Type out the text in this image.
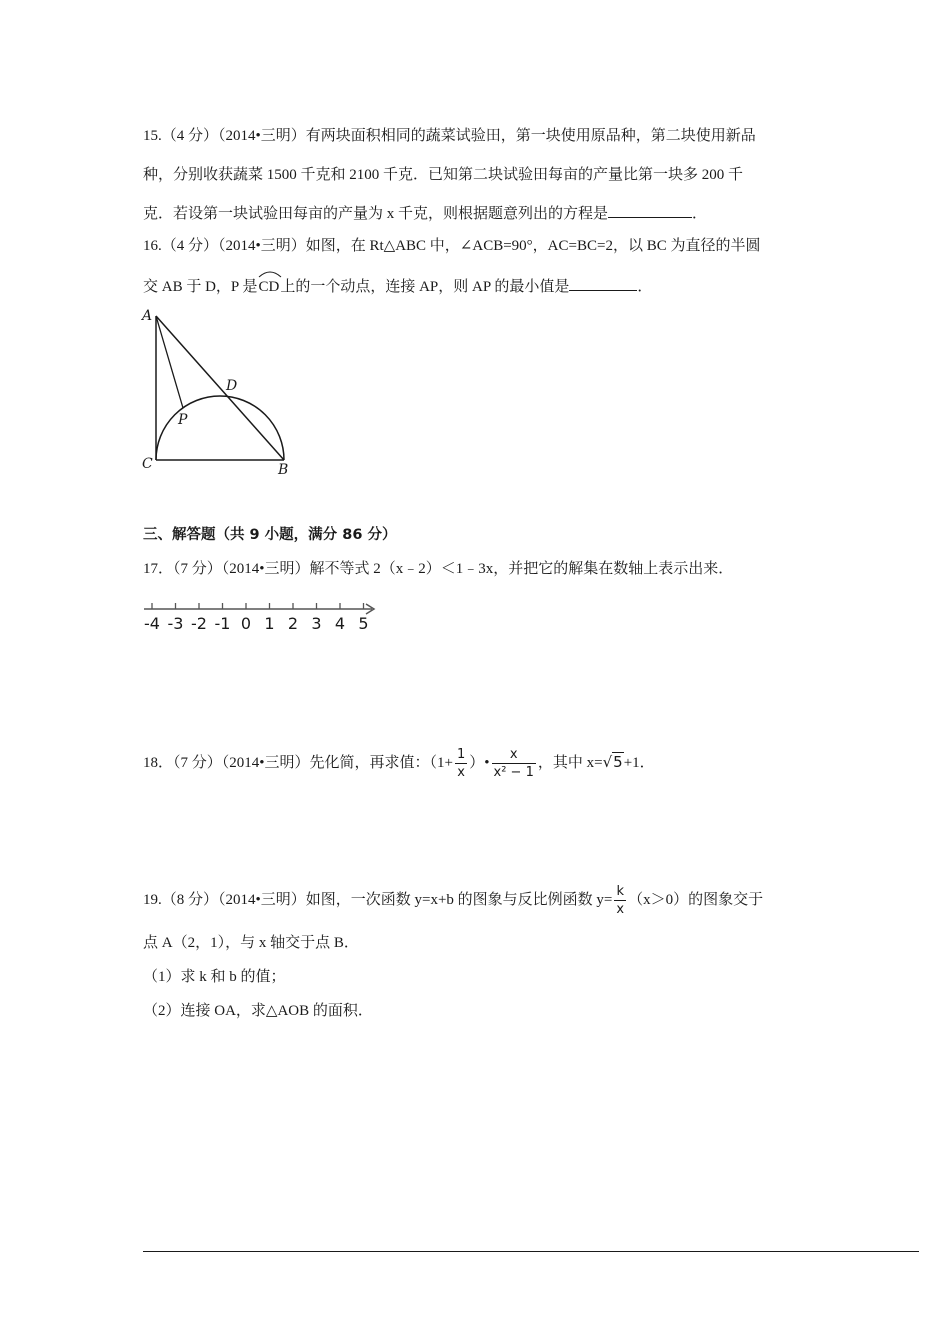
15.（4 分）（2014•三明）有两块面积相同的蔬菜试验田，第一块使用原品种，第二块使用新品
种，分别收获蔬菜 1500 千克和 2100 千克．已知第二块试验田每亩的产量比第一块多 200 千
克．若设第一块试验田每亩的产量为 x 千克，则根据题意列出的方程是	．
16.（4 分）（2014•三明）如图，在 Rt△ABC 中，∠ACB=90°，AC=BC=2，以 BC 为直径的半圆
交 AB 于 D，P 是
CD上的一个动点，连接 AP，则 AP 的最小值是	．
A
P
D
C	B
三、解答题（共 9 小题，满分 86 分）
17．（7 分）（2014•三明）解不等式 2（x﹣2）＜1﹣3x，并把它的解集在数轴上表示出来．
-4 -3 -2 -1 0 1 2 3 4 5
18．（7 分）（2014•三明）先化简，再求值：（$1+ \frac{1}{x}$ ）• $\frac{x}{\text{x² − 1}}$ ，其中 x=√5+1．
19.（8 分）（2014•三明）如图，一次函数 y=x+b 的图象与反比例函数 $y= \frac{k}{x} (x>0)$的图象交于
点 A（2，1），与 x 轴交于点 B．
（1）求 k 和 b 的值；
（2）连接 OA，求△AOB 的面积．
